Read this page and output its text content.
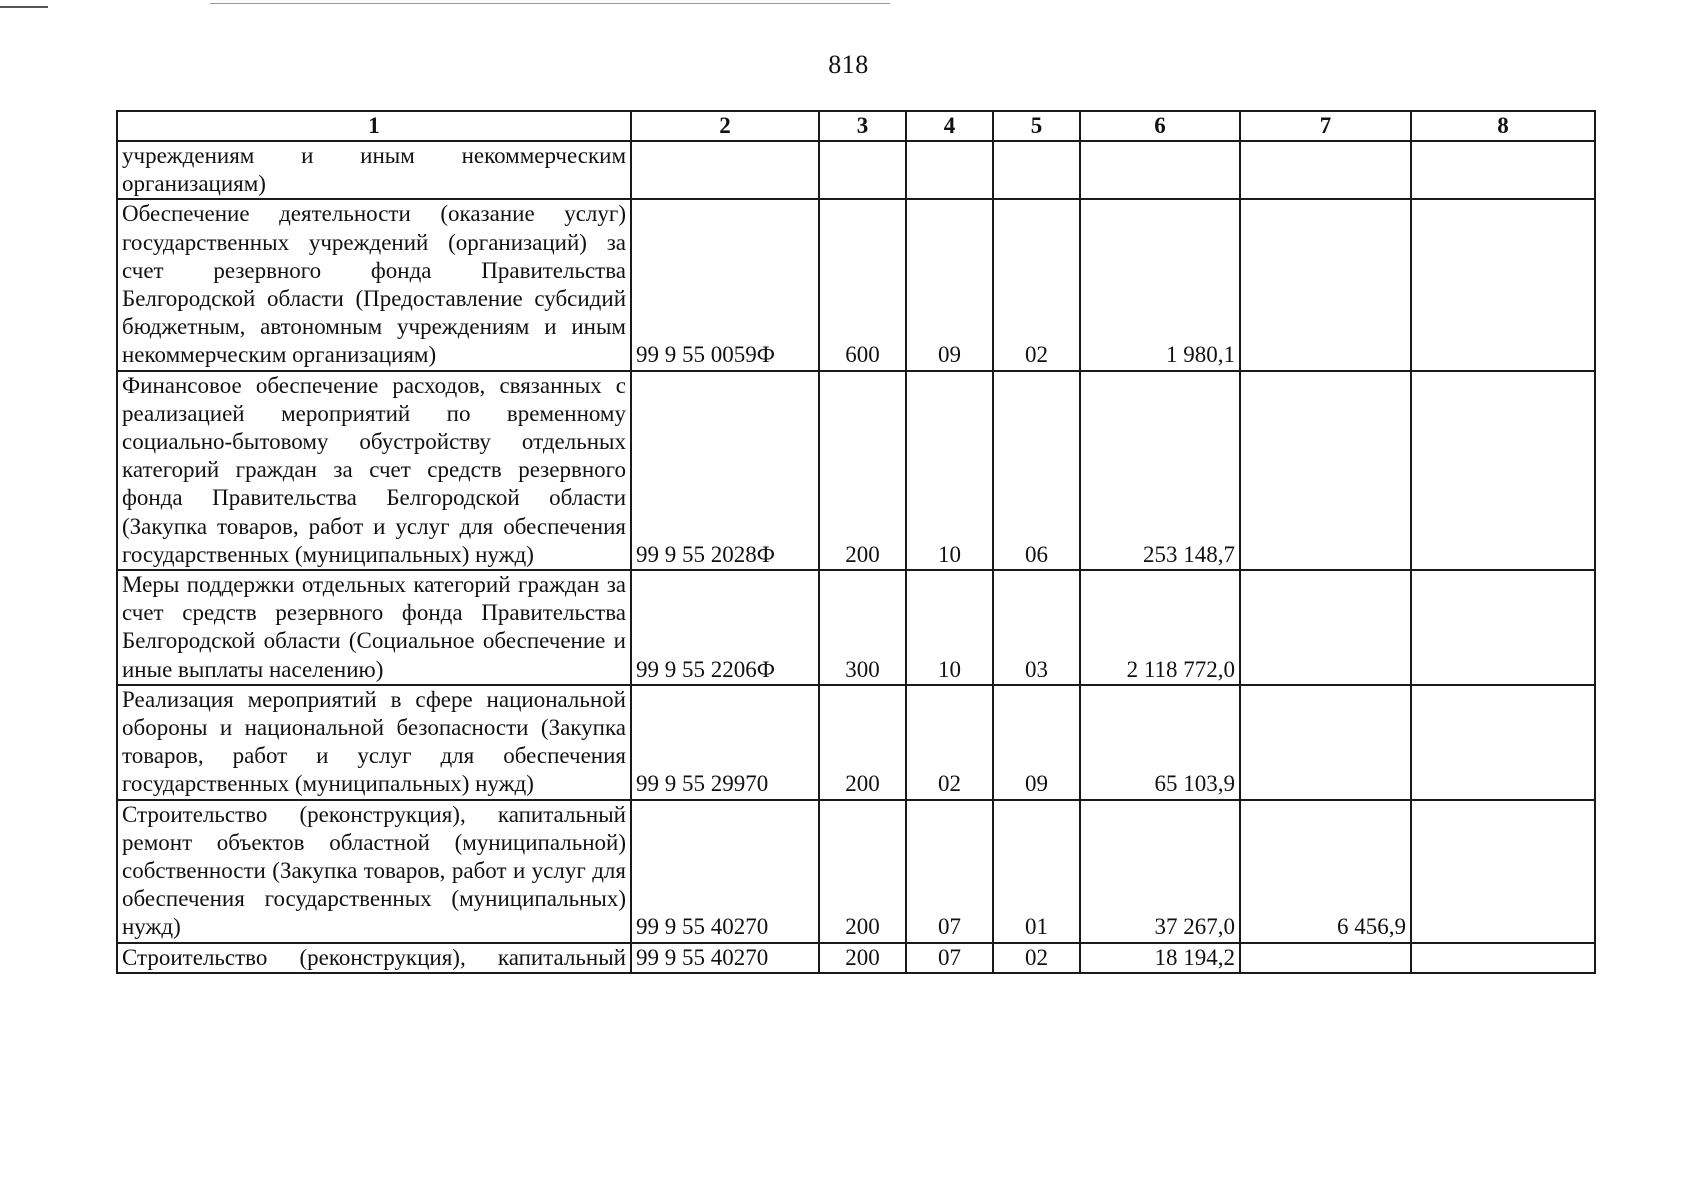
818
1	2	3	4	5	6	7	8
учреждениям и иным некоммерческим организациям)							
Обеспечение деятельности (оказание услуг) государственных учреждений (организаций) за счет резервного фонда Правительства Белгородской области (Предоставление субсидий бюджетным, автономным учреждениям и иным некоммерческим организациям)	99 9 55 0059Ф	600	09	02	1 980,1		
Финансовое обеспечение расходов, связанных с реализацией мероприятий по временному социально-бытовому обустройству отдельных категорий граждан за счет средств резервного фонда Правительства Белгородской области (Закупка товаров, работ и услуг для обеспечения государственных (муниципальных) нужд)	99 9 55 2028Ф	200	10	06	253 148,7		
Меры поддержки отдельных категорий граждан за счет средств резервного фонда Правительства Белгородской области (Социальное обеспечение и иные выплаты населению)	99 9 55 2206Ф	300	10	03	2 118 772,0		
Реализация мероприятий в сфере национальной обороны и национальной безопасности (Закупка товаров, работ и услуг для обеспечения государственных (муниципальных) нужд)	99 9 55 29970	200	02	09	65 103,9		
Строительство (реконструкция), капитальный ремонт объектов областной (муниципальной) собственности (Закупка товаров, работ и услуг для обеспечения государственных (муниципальных) нужд)	99 9 55 40270	200	07	01	37 267,0	6 456,9	
Строительство (реконструкция), капитальный	99 9 55 40270	200	07	02	18 194,2		
